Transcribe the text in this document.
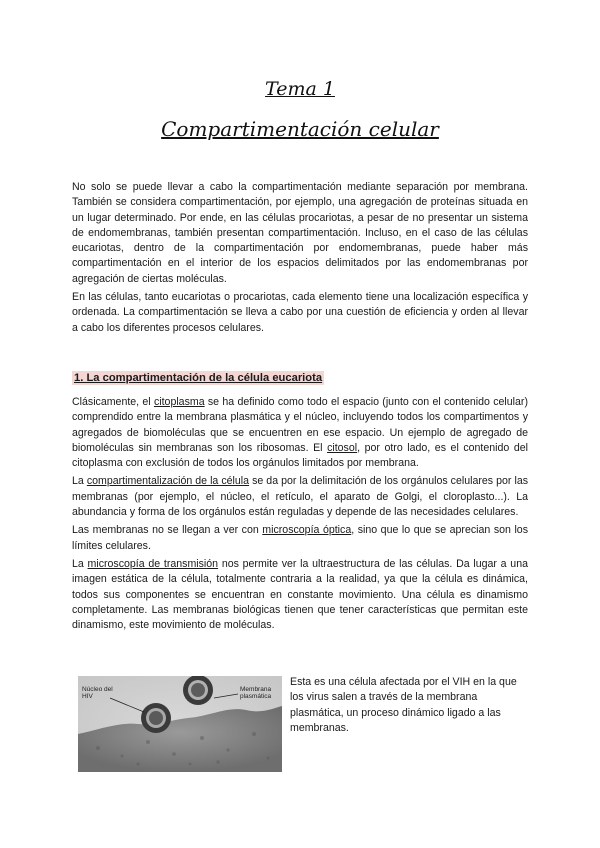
Tema 1
Compartimentación celular

No solo se puede llevar a cabo la compartimentación mediante separación por membrana. También se considera compartimentación, por ejemplo, una agregación de proteínas situada en un lugar determinado. Por ende, en las células procariotas, a pesar de no presentar un sistema de endomembranas, también presentan compartimentación. Incluso, en el caso de las células eucariotas, dentro de la compartimentación por endomembranas, puede haber más compartimentación en el interior de los espacios delimitados por las endomembranas por agregación de ciertas moléculas.

En las células, tanto eucariotas o procariotas, cada elemento tiene una localización específica y ordenada. La compartimentación se lleva a cabo por una cuestión de eficiencia y orden al llevar a cabo los diferentes procesos celulares.

1. La compartimentación de la célula eucariota

Clásicamente, el citoplasma se ha definido como todo el espacio (junto con el contenido celular) comprendido entre la membrana plasmática y el núcleo, incluyendo todos los compartimentos y agregados de biomoléculas que se encuentren en ese espacio. Un ejemplo de agregado de biomoléculas sin membranas son los ribosomas. El citosol, por otro lado, es el contenido del citoplasma con exclusión de todos los orgánulos limitados por membrana.

La compartimentalización de la célula se da por la delimitación de los orgánulos celulares por las membranas (por ejemplo, el núcleo, el retículo, el aparato de Golgi, el cloroplasto...). La abundancia y forma de los orgánulos están reguladas y depende de las necesidades celulares.

Las membranas no se llegan a ver con microscopía óptica, sino que lo que se aprecian son los límites celulares.

La microscopía de transmisión nos permite ver la ultraestructura de las células. Da lugar a una imagen estática de la célula, totalmente contraria a la realidad, ya que la célula es dinámica, todos sus componentes se encuentran en constante movimiento. Una célula es dinamismo completamente. Las membranas biológicas tienen que tener características que permitan este dinamismo, este movimiento de moléculas.

Núcleo del HIV
Membrana plasmática
Esta es una célula afectada por el VIH en la que los virus salen a través de la membrana plasmática, un proceso dinámico ligado a las membranas.
